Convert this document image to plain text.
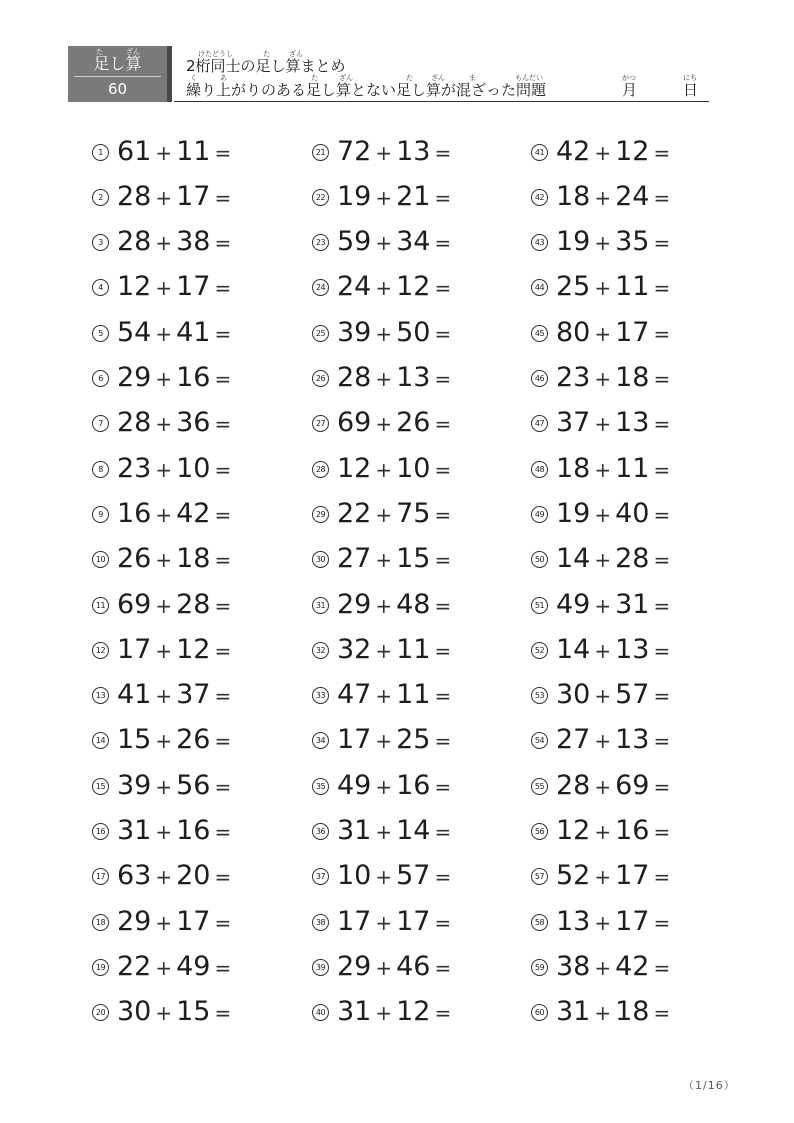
た	ざん
足し算
60
けたどうし	た	ざん
2桁同士の足し算まとめ
く	あ	た	ざん	た	ざん	ま	もんだい
繰り上がりのある足し算とない足し算が混ざった問題
がつ
月
にち
日
1 61 + 11 =
2 28 + 17 =
3 28 + 38 =
4 12 + 17 =
5 54 + 41 =
6 29 + 16 =
7 28 + 36 =
8 23 + 10 =
9 16 + 42 =
10 26 + 18 =
11 69 + 28 =
12 17 + 12 =
13 41 + 37 =
14 15 + 26 =
15 39 + 56 =
16 31 + 16 =
17 63 + 20 =
18 29 + 17 =
19 22 + 49 =
20 30 + 15 =
21 72 + 13 =
22 19 + 21 =
23 59 + 34 =
24 24 + 12 =
25 39 + 50 =
26 28 + 13 =
27 69 + 26 =
28 12 + 10 =
29 22 + 75 =
30 27 + 15 =
31 29 + 48 =
32 32 + 11 =
33 47 + 11 =
34 17 + 25 =
35 49 + 16 =
36 31 + 14 =
37 10 + 57 =
38 17 + 17 =
39 29 + 46 =
40 31 + 12 =
41 42 + 12 =
42 18 + 24 =
43 19 + 35 =
44 25 + 11 =
45 80 + 17 =
46 23 + 18 =
47 37 + 13 =
48 18 + 11 =
49 19 + 40 =
50 14 + 28 =
51 49 + 31 =
52 14 + 13 =
53 30 + 57 =
54 27 + 13 =
55 28 + 69 =
56 12 + 16 =
57 52 + 17 =
58 13 + 17 =
59 38 + 42 =
60 31 + 18 =
（1/16）
